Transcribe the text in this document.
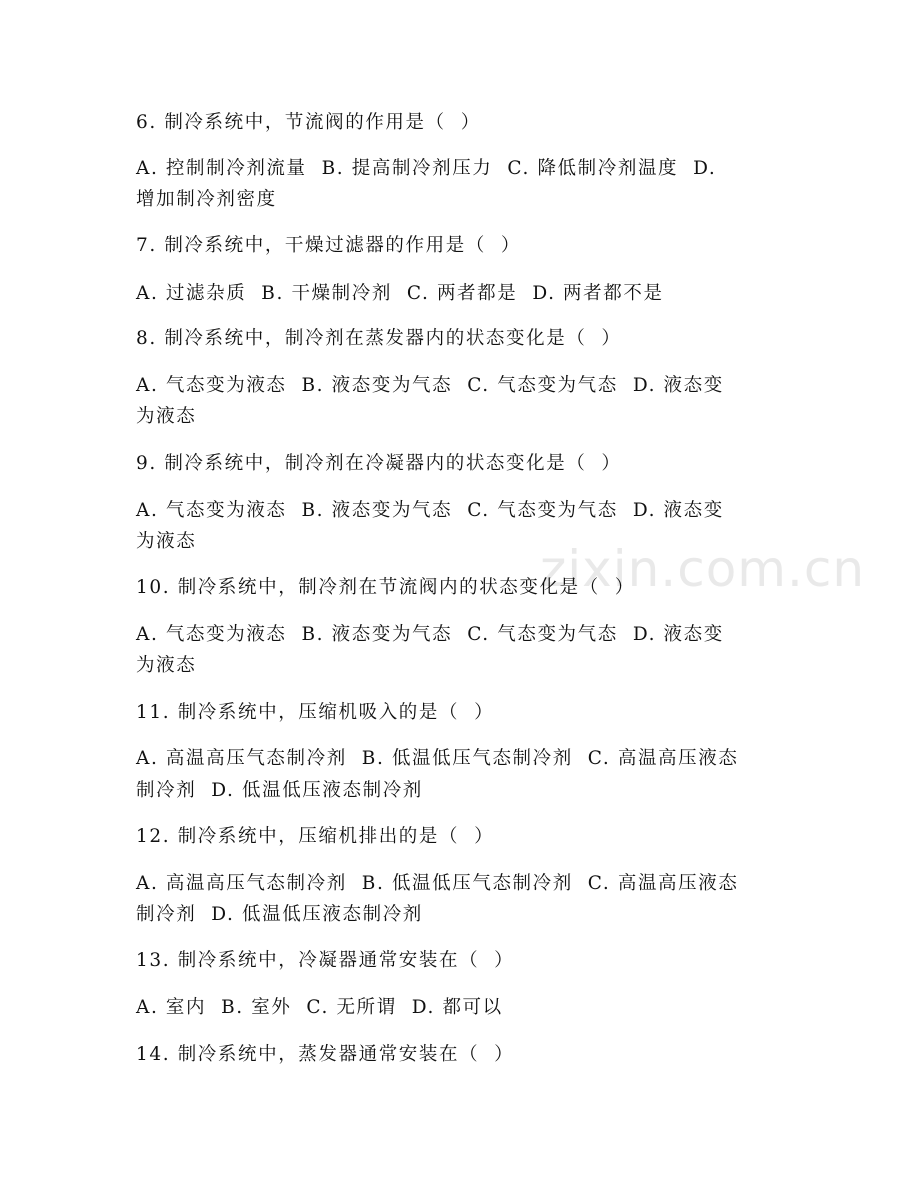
zixin.com.cn

6. 制冷系统中，节流阀的作用是（  ）

A. 控制制冷剂流量  B. 提高制冷剂压力  C. 降低制冷剂温度  D.

增加制冷剂密度

7. 制冷系统中，干燥过滤器的作用是（  ）

A. 过滤杂质  B. 干燥制冷剂  C. 两者都是  D. 两者都不是

8. 制冷系统中，制冷剂在蒸发器内的状态变化是（  ）

A. 气态变为液态  B. 液态变为气态  C. 气态变为气态  D. 液态变

为液态

9. 制冷系统中，制冷剂在冷凝器内的状态变化是（  ）

A. 气态变为液态  B. 液态变为气态  C. 气态变为气态  D. 液态变

为液态

10. 制冷系统中，制冷剂在节流阀内的状态变化是（  ）

A. 气态变为液态  B. 液态变为气态  C. 气态变为气态  D. 液态变

为液态

11. 制冷系统中，压缩机吸入的是（  ）

A. 高温高压气态制冷剂  B. 低温低压气态制冷剂  C. 高温高压液态

制冷剂  D. 低温低压液态制冷剂

12. 制冷系统中，压缩机排出的是（  ）

A. 高温高压气态制冷剂  B. 低温低压气态制冷剂  C. 高温高压液态

制冷剂  D. 低温低压液态制冷剂

13. 制冷系统中，冷凝器通常安装在（  ）

A. 室内  B. 室外  C. 无所谓  D. 都可以

14. 制冷系统中，蒸发器通常安装在（  ）
